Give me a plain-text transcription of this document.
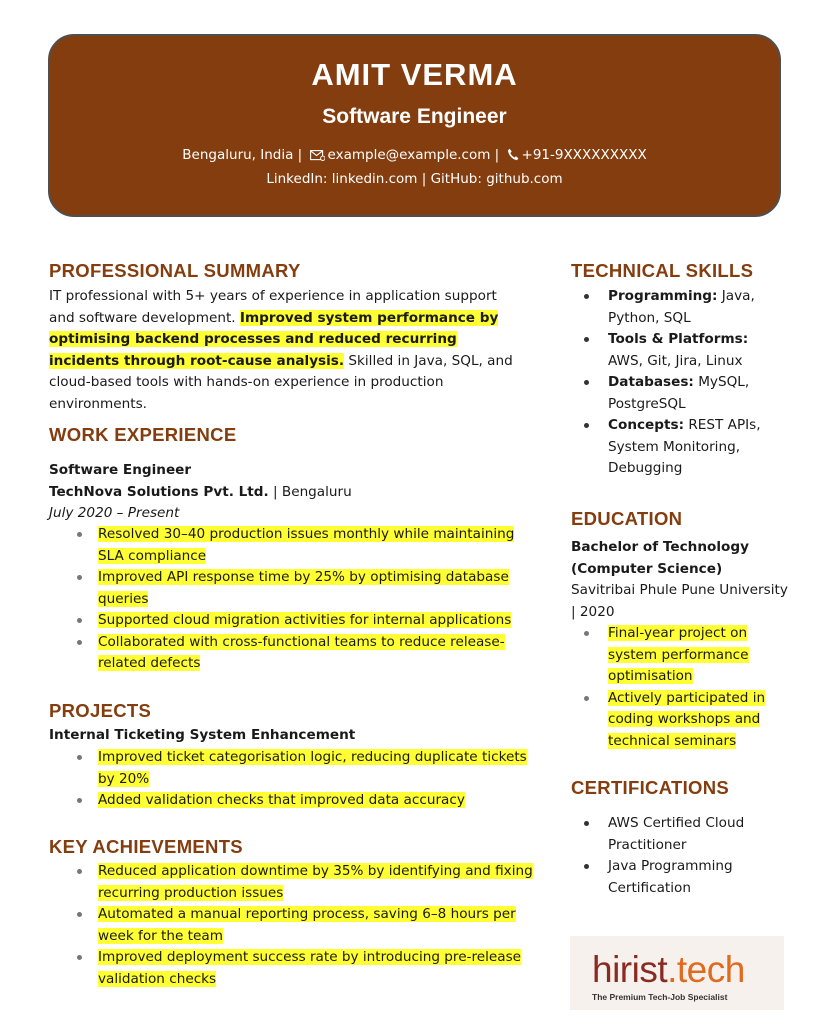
AMIT VERMA
Software Engineer
Bengaluru, India | example@example.com | +91-9XXXXXXXXX
LinkedIn: linkedin.com | GitHub: github.com
PROFESSIONAL SUMMARY

IT professional with 5+ years of experience in application support and software development. Improved system performance by optimising backend processes and reduced recurring incidents through root-cause analysis. Skilled in Java, SQL, and cloud-based tools with hands-on experience in production environments.

WORK EXPERIENCE
Software Engineer
TechNova Solutions Pvt. Ltd. | Bengaluru
July 2020 – Present
Resolved 30–40 production issues monthly while maintaining SLA compliance
Improved API response time by 25% by optimising database queries
Supported cloud migration activities for internal applications
Collaborated with cross-functional teams to reduce release-related defects
PROJECTS
Internal Ticketing System Enhancement
Improved ticket categorisation logic, reducing duplicate tickets by 20%
Added validation checks that improved data accuracy
KEY ACHIEVEMENTS
Reduced application downtime by 35% by identifying and fixing recurring production issues
Automated a manual reporting process, saving 6–8 hours per week for the team
Improved deployment success rate by introducing pre-release validation checks
TECHNICAL SKILLS
Programming: Java, Python, SQL
Tools & Platforms: AWS, Git, Jira, Linux
Databases: MySQL, PostgreSQL
Concepts: REST APIs, System Monitoring, Debugging
EDUCATION
Bachelor of Technology (Computer Science)
Savitribai Phule Pune University | 2020
Final-year project on system performance optimisation
Actively participated in coding workshops and technical seminars
CERTIFICATIONS
AWS Certified Cloud Practitioner
Java Programming Certification
hirist.tech
The Premium Tech-Job Specialist
